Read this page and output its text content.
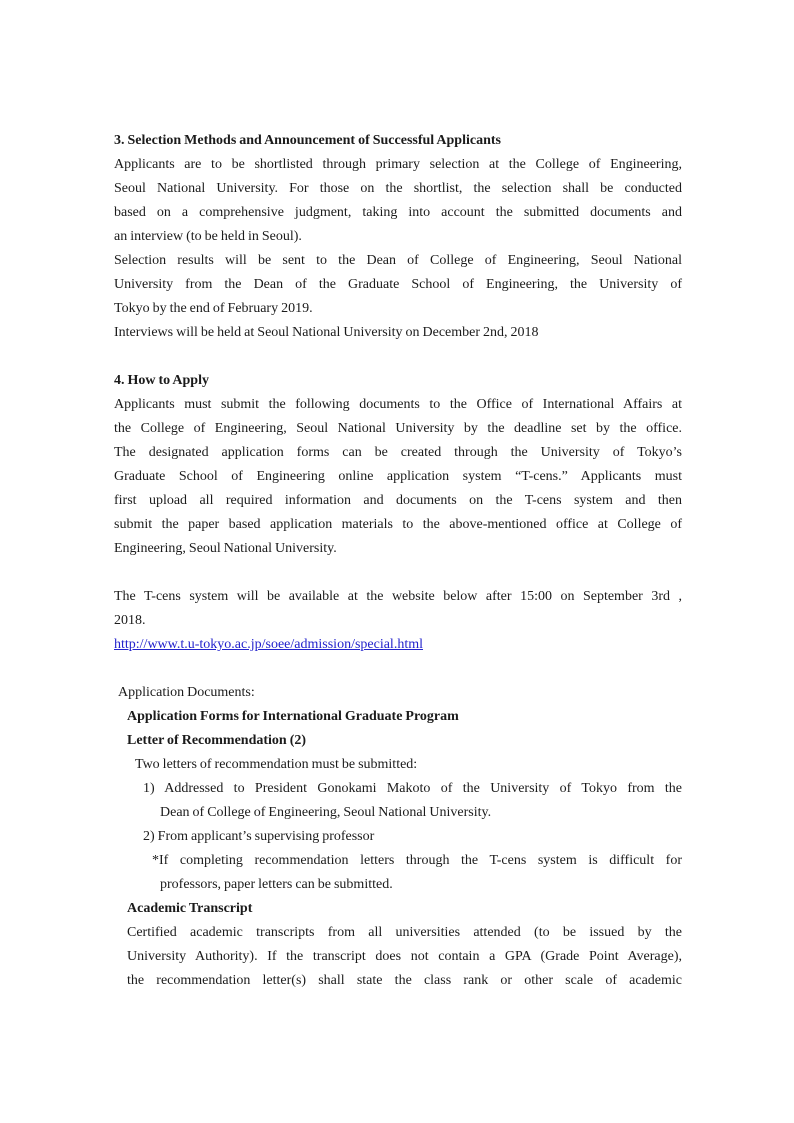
3. Selection Methods and Announcement of Successful Applicants
Applicants are to be shortlisted through primary selection at the College of Engineering,
Seoul National University. For those on the shortlist, the selection shall be conducted
based on a comprehensive judgment, taking into account the submitted documents and
an interview (to be held in Seoul).
Selection results will be sent to the Dean of College of Engineering, Seoul National
University from the Dean of the Graduate School of Engineering, the University of
Tokyo by the end of February 2019.
Interviews will be held at Seoul National University on December 2nd, 2018
4. How to Apply
Applicants must submit the following documents to the Office of International Affairs at
the College of Engineering, Seoul National University by the deadline set by the office.
The designated application forms can be created through the University of Tokyo’s
Graduate School of Engineering online application system “T-cens.” Applicants must
first upload all required information and documents on the T-cens system and then
submit the paper based application materials to the above-mentioned office at College of
Engineering, Seoul National University.
The T-cens system will be available at the website below after 15:00 on September 3rd ,
2018.
http://www.t.u-tokyo.ac.jp/soee/admission/special.html
Application Documents:
Application Forms for International Graduate Program
Letter of Recommendation (2)
Two letters of recommendation must be submitted:
1) Addressed to President Gonokami Makoto of the University of Tokyo from the
Dean of College of Engineering, Seoul National University.
2) From applicant’s supervising professor
*If completing recommendation letters through the T-cens system is difficult for
professors, paper letters can be submitted.
Academic Transcript
Certified academic transcripts from all universities attended (to be issued by the
University Authority). If the transcript does not contain a GPA (Grade Point Average),
the recommendation letter(s) shall state the class rank or other scale of academic
